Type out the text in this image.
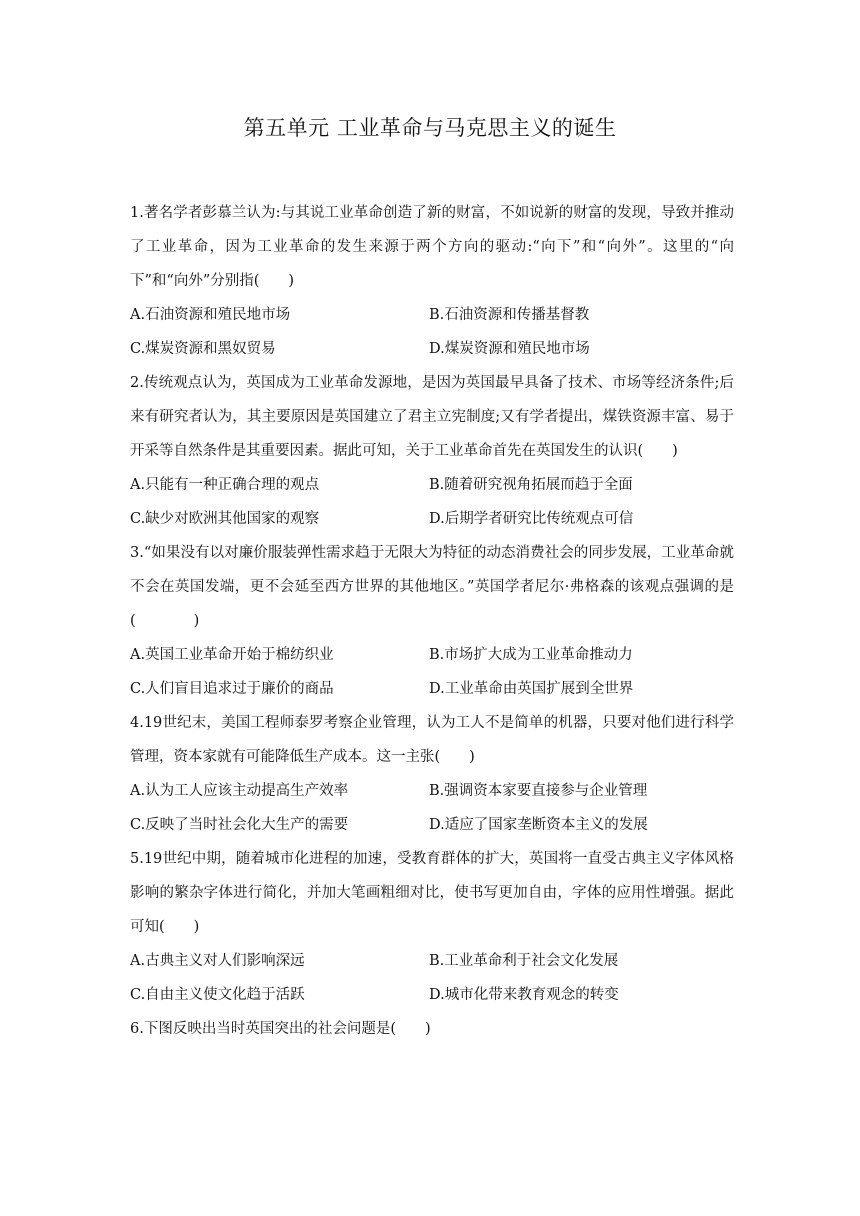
第五单元 工业革命与马克思主义的诞生
1.著名学者彭慕兰认为:与其说工业革命创造了新的财富，不如说新的财富的发现，导致并推动了工业革命，因为工业革命的发生来源于两个方向的驱动:“向下”和“向外”。这里的“向下”和“向外”分别指(　　)
A.石油资源和殖民地市场	B.石油资源和传播基督教
C.煤炭资源和黑奴贸易	D.煤炭资源和殖民地市场
2.传统观点认为，英国成为工业革命发源地，是因为英国最早具备了技术、市场等经济条件;后来有研究者认为，其主要原因是英国建立了君主立宪制度;又有学者提出，煤铁资源丰富、易于开采等自然条件是其重要因素。据此可知，关于工业革命首先在英国发生的认识(　　)
A.只能有一种正确合理的观点	B.随着研究视角拓展而趋于全面
C.缺少对欧洲其他国家的观察	D.后期学者研究比传统观点可信
3.“如果没有以对廉价服装弹性需求趋于无限大为特征的动态消费社会的同步发展，工业革命就不会在英国发端，更不会延至西方世界的其他地区。”英国学者尼尔·弗格森的该观点强调的是(　　　　)
A.英国工业革命开始于棉纺织业	B.市场扩大成为工业革命推动力
C.人们盲目追求过于廉价的商品	D.工业革命由英国扩展到全世界
4.19世纪末，美国工程师泰罗考察企业管理，认为工人不是简单的机器，只要对他们进行科学管理，资本家就有可能降低生产成本。这一主张(　　)
A.认为工人应该主动提高生产效率	B.强调资本家要直接参与企业管理
C.反映了当时社会化大生产的需要	D.适应了国家垄断资本主义的发展
5.19世纪中期，随着城市化进程的加速，受教育群体的扩大，英国将一直受古典主义字体风格影响的繁杂字体进行简化，并加大笔画粗细对比，使书写更加自由，字体的应用性增强。据此可知(　　)
A.古典主义对人们影响深远	B.工业革命利于社会文化发展
C.自由主义使文化趋于活跃	D.城市化带来教育观念的转变
6.下图反映出当时英国突出的社会问题是(　　)
